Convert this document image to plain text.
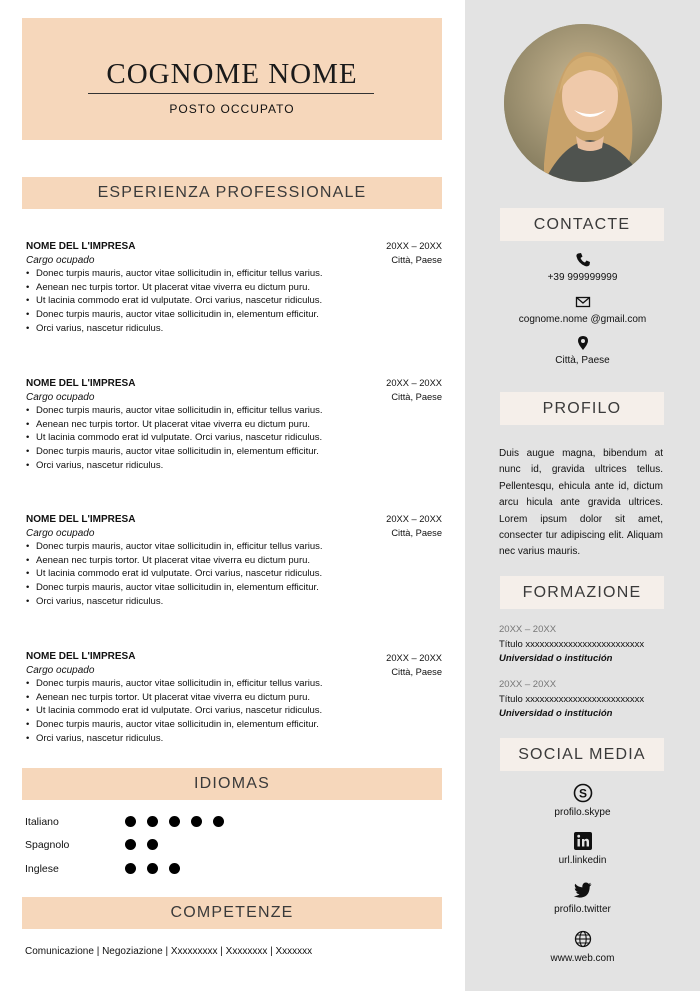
COGNOME NOME
POSTO OCCUPATO
ESPERIENZA PROFESSIONALE
NOME DEL L'IMPRESA
Cargo ocupado
20XX – 20XX
Città, Paese
• Donec turpis mauris, auctor vitae sollicitudin in, efficitur tellus varius.
• Aenean nec turpis tortor. Ut placerat vitae viverra eu dictum puru.
• Ut lacinia commodo erat id vulputate. Orci varius, nascetur ridiculus.
• Donec turpis mauris, auctor vitae sollicitudin in, elementum efficitur.
• Orci varius, nascetur ridiculus.
NOME DEL L'IMPRESA
Cargo ocupado
20XX – 20XX
Città, Paese
• Donec turpis mauris, auctor vitae sollicitudin in, efficitur tellus varius.
• Aenean nec turpis tortor. Ut placerat vitae viverra eu dictum puru.
• Ut lacinia commodo erat id vulputate. Orci varius, nascetur ridiculus.
• Donec turpis mauris, auctor vitae sollicitudin in, elementum efficitur.
• Orci varius, nascetur ridiculus.
NOME DEL L'IMPRESA
Cargo ocupado
20XX – 20XX
Città, Paese
• Donec turpis mauris, auctor vitae sollicitudin in, efficitur tellus varius.
• Aenean nec turpis tortor. Ut placerat vitae viverra eu dictum puru.
• Ut lacinia commodo erat id vulputate. Orci varius, nascetur ridiculus.
• Donec turpis mauris, auctor vitae sollicitudin in, elementum efficitur.
• Orci varius, nascetur ridiculus.
NOME DEL L'IMPRESA
Cargo ocupado
20XX – 20XX
Città, Paese
• Donec turpis mauris, auctor vitae sollicitudin in, efficitur tellus varius.
• Aenean nec turpis tortor. Ut placerat vitae viverra eu dictum puru.
• Ut lacinia commodo erat id vulputate. Orci varius, nascetur ridiculus.
• Donec turpis mauris, auctor vitae sollicitudin in, elementum efficitur.
• Orci varius, nascetur ridiculus.
IDIOMAS
Italiano
Spagnolo
Inglese
COMPETENZE
Comunicazione | Negoziazione | Xxxxxxxxx | Xxxxxxxx | Xxxxxxx
CONTACTE
+39 999999999
cognome.nome @gmail.com
Città, Paese
PROFILO
Duis augue magna, bibendum at nunc id, gravida ultrices tellus. Pellentesqu, ehicula ante id, dictum arcu hicula ante gravida ultrices. Lorem ipsum dolor sit amet, consecter tur adipiscing elit. Aliquam nec varius mauris.
FORMAZIONE
20XX – 20XX
Título xxxxxxxxxxxxxxxxxxxxxxxxx
Universidad o institución
20XX – 20XX
Título xxxxxxxxxxxxxxxxxxxxxxxxx
Universidad o institución
SOCIAL MEDIA
S
profilo.skype
url.linkedin
profilo.twitter
www.web.com
